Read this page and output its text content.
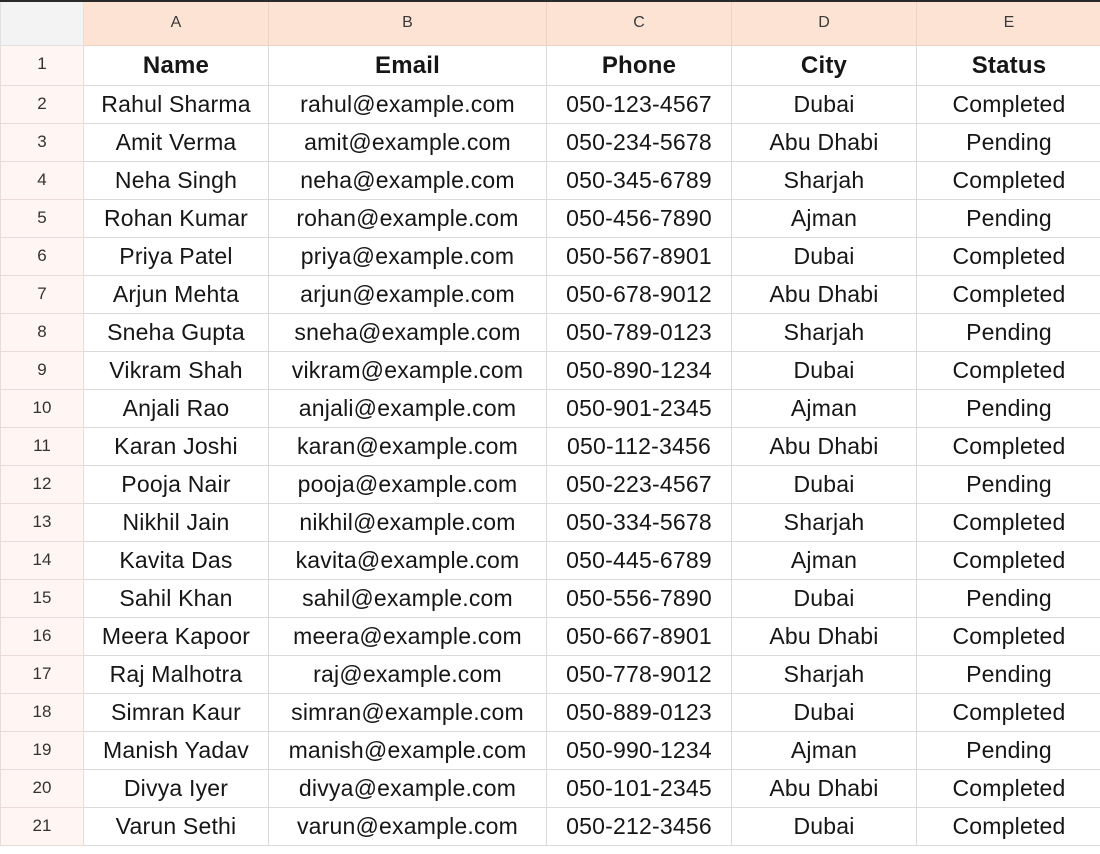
	A	B	C	D	E
1	Name	Email	Phone	City	Status
2	Rahul Sharma	rahul@example.com	050-123-4567	Dubai	Completed
3	Amit Verma	amit@example.com	050-234-5678	Abu Dhabi	Pending
4	Neha Singh	neha@example.com	050-345-6789	Sharjah	Completed
5	Rohan Kumar	rohan@example.com	050-456-7890	Ajman	Pending
6	Priya Patel	priya@example.com	050-567-8901	Dubai	Completed
7	Arjun Mehta	arjun@example.com	050-678-9012	Abu Dhabi	Completed
8	Sneha Gupta	sneha@example.com	050-789-0123	Sharjah	Pending
9	Vikram Shah	vikram@example.com	050-890-1234	Dubai	Completed
10	Anjali Rao	anjali@example.com	050-901-2345	Ajman	Pending
11	Karan Joshi	karan@example.com	050-112-3456	Abu Dhabi	Completed
12	Pooja Nair	pooja@example.com	050-223-4567	Dubai	Pending
13	Nikhil Jain	nikhil@example.com	050-334-5678	Sharjah	Completed
14	Kavita Das	kavita@example.com	050-445-6789	Ajman	Completed
15	Sahil Khan	sahil@example.com	050-556-7890	Dubai	Pending
16	Meera Kapoor	meera@example.com	050-667-8901	Abu Dhabi	Completed
17	Raj Malhotra	raj@example.com	050-778-9012	Sharjah	Pending
18	Simran Kaur	simran@example.com	050-889-0123	Dubai	Completed
19	Manish Yadav	manish@example.com	050-990-1234	Ajman	Pending
20	Divya Iyer	divya@example.com	050-101-2345	Abu Dhabi	Completed
21	Varun Sethi	varun@example.com	050-212-3456	Dubai	Completed
